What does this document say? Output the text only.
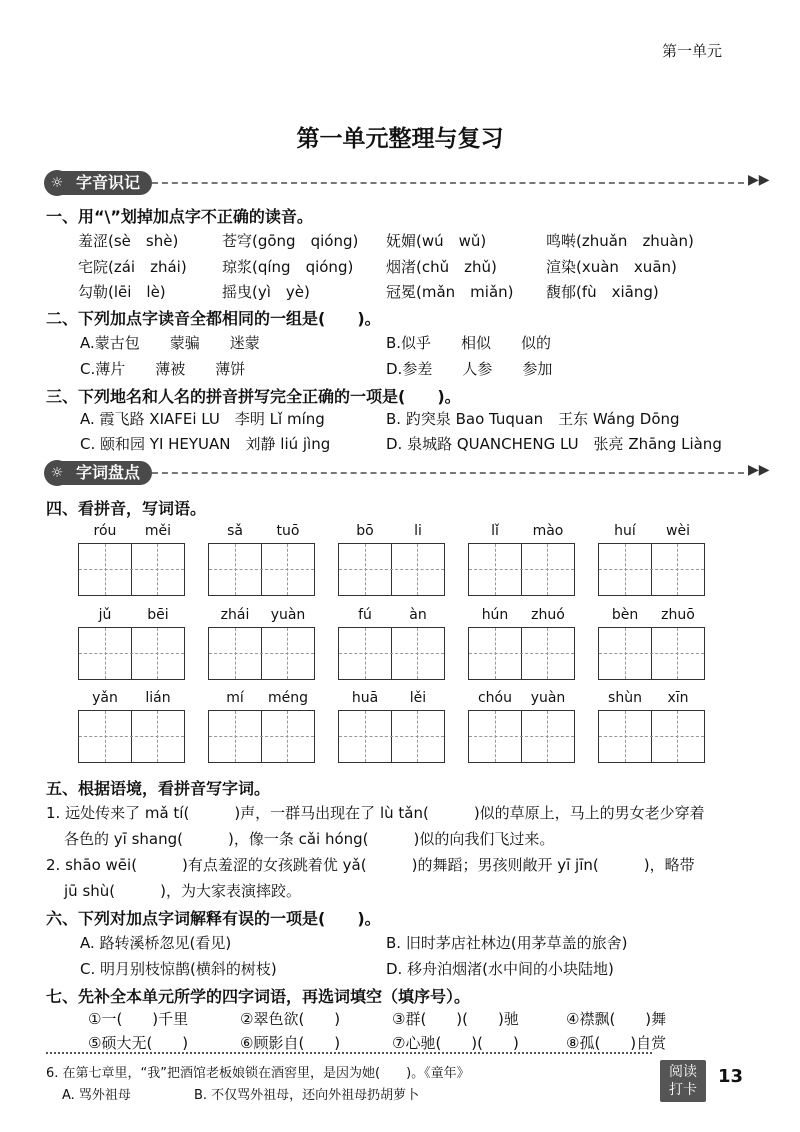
第一单元
第一单元整理与复习
字音识记
☼	▶▶
一、用“\”划掉加点字不正确的读音。
羞涩(sè　shè)	苍穹(gōng　qióng) 妩媚(wú　wǔ)	鸣啭(zhuǎn　zhuàn)
宅院(zái　zhái) 琼浆(qíng　qióng) 烟渚(chǔ　zhǔ)	渲染(xuàn　xuān)
勾勒(lēi　lè)	摇曳(yì　yè)	冠冕(mǎn　miǎn) 馥郁(fù　xiāng)
二、下列加点字读音全都相同的一组是(　　)。
A.蒙古包　　蒙骗　　迷蒙	B.似乎　　相似　　似的
C.薄片　　薄被　　薄饼	D.参差　　人参　　参加
三、下列地名和人名的拼音拼写完全正确的一项是(　　)。
A. 霞飞路 XIAFEi LU　李明 Lǐ míng	B. 趵突泉 Bao Tuquan　王东 Wáng Dōng
C. 颐和园 YI HEYUAN　刘静 liú jìng	D. 泉城路 QUANCHENG LU　张亮 Zhāng Liàng
字词盘点
☼	▶▶
四、看拼音，写词语。
róu	měi	sǎ	tuō	bō	li	lǐ	mào	huí	wèi
jǔ	bēi	zhái	yuàn	fú	àn	hún	zhuó	bèn	zhuō
yǎn	lián	mí	méng	huā	lěi	chóu	yuàn	shùn	xīn
五、根据语境，看拼音写字词。
1. 远处传来了 mǎ tí(　　　)声，一群马出现在了 lù tǎn(　　　)似的草原上，马上的男女老少穿着
各色的 yī shang(　　　)，像一条 cǎi hóng(　　　)似的向我们飞过来。
2. shāo wēi(　　　)有点羞涩的女孩跳着优 yǎ(　　　)的舞蹈；男孩则敞开 yī jīn(　　　)，略带
jū shù(　　　)，为大家表演摔跤。
六、下列对加点字词解释有误的一项是(　　)。
A. 路转溪桥忽见(看见)	B. 旧时茅店社林边(用茅草盖的旅舍)
C. 明月别枝惊鹊(横斜的树枝)	D. 移舟泊烟渚(水中间的小块陆地)
七、先补全本单元所学的四字词语，再选词填空（填序号）。
①一(　　)千里	②翠色欲(　　)	③群(　　)(　　)驰	④襟飘(　　)舞
⑤硕大无(　　)	⑥顾影自(　　)	⑦心驰(　　)(　　)	⑧孤(　　)自赏
6. 在第七章里，“我”把酒馆老板娘锁在酒窖里，是因为她(　　)。《童年》
A. 骂外祖母	B. 不仅骂外祖母，还向外祖母扔胡萝卜
阅读
打卡
13
